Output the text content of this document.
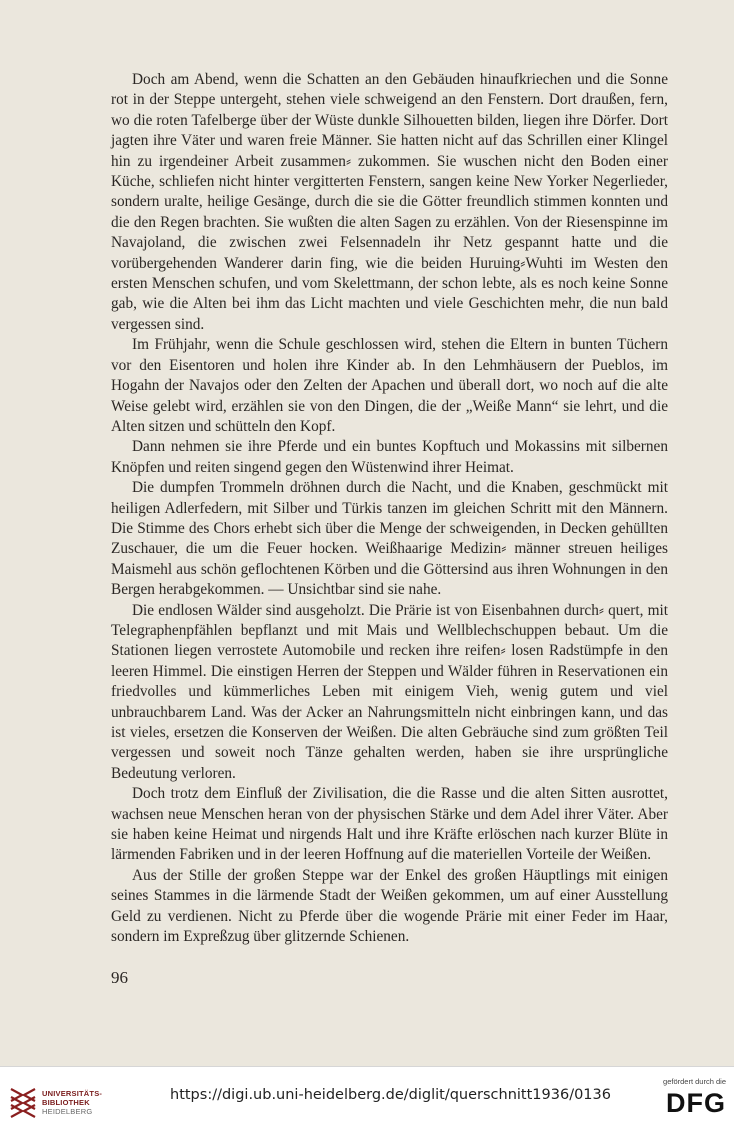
Doch am Abend, wenn die Schatten an den Gebäuden hinaufkriechen und die Sonne rot in der Steppe untergeht, stehen viele schweigend an den Fenstern. Dort draußen, fern, wo die roten Tafelberge über der Wüste dunkle Silhouetten bilden, liegen ihre Dörfer. Dort jagten ihre Väter und waren freie Männer. Sie hatten nicht auf das Schrillen einer Klingel hin zu irgendeiner Arbeit zusammen⸗ zukommen. Sie wuschen nicht den Boden einer Küche, schliefen nicht hinter vergitterten Fenstern, sangen keine New Yorker Negerlieder, sondern uralte, heilige Gesänge, durch die sie die Götter freundlich stimmen konnten und die den Regen brachten. Sie wußten die alten Sagen zu erzählen. Von der Riesenspinne im Navajoland, die zwischen zwei Felsennadeln ihr Netz gespannt hatte und die vorübergehenden Wanderer darin fing, wie die beiden Huruing⸗Wuhti im Westen den ersten Menschen schufen, und vom Skelettmann, der schon lebte, als es noch keine Sonne gab, wie die Alten bei ihm das Licht machten und viele Geschichten mehr, die nun bald vergessen sind.

Im Frühjahr, wenn die Schule geschlossen wird, stehen die Eltern in bunten Tüchern vor den Eisentoren und holen ihre Kinder ab. In den Lehmhäusern der Pueblos, im Hogahn der Navajos oder den Zelten der Apachen und überall dort, wo noch auf die alte Weise gelebt wird, erzählen sie von den Dingen, die der „Weiße Mann“ sie lehrt, und die Alten sitzen und schütteln den Kopf.

Dann nehmen sie ihre Pferde und ein buntes Kopftuch und Mokassins mit silbernen Knöpfen und reiten singend gegen den Wüstenwind ihrer Heimat.

Die dumpfen Trommeln dröhnen durch die Nacht, und die Knaben, geschmückt mit heiligen Adlerfedern, mit Silber und Türkis tanzen im gleichen Schritt mit den Männern. Die Stimme des Chors erhebt sich über die Menge der schweigenden, in Decken gehüllten Zuschauer, die um die Feuer hocken. Weißhaarige Medizin⸗ männer streuen heiliges Maismehl aus schön geflochtenen Körben und die Göttersind aus ihren Wohnungen in den Bergen herabgekommen. — Unsichtbar sind sie nahe.

Die endlosen Wälder sind ausgeholzt. Die Prärie ist von Eisenbahnen durch⸗ quert, mit Telegraphenpfählen bepflanzt und mit Mais und Wellblechschuppen bebaut. Um die Stationen liegen verrostete Automobile und recken ihre reifen⸗ losen Radstümpfe in den leeren Himmel. Die einstigen Herren der Steppen und Wälder führen in Reservationen ein friedvolles und kümmerliches Leben mit einigem Vieh, wenig gutem und viel unbrauchbarem Land. Was der Acker an Nahrungsmitteln nicht einbringen kann, und das ist vieles, ersetzen die Konserven der Weißen. Die alten Gebräuche sind zum größten Teil vergessen und soweit noch Tänze gehalten werden, haben sie ihre ursprüngliche Bedeutung verloren.

Doch trotz dem Einfluß der Zivilisation, die die Rasse und die alten Sitten ausrottet, wachsen neue Menschen heran von der physischen Stärke und dem Adel ihrer Väter. Aber sie haben keine Heimat und nirgends Halt und ihre Kräfte erlöschen nach kurzer Blüte in lärmenden Fabriken und in der leeren Hoffnung auf die materiellen Vorteile der Weißen.

Aus der Stille der großen Steppe war der Enkel des großen Häuptlings mit einigen seines Stammes in die lärmende Stadt der Weißen gekommen, um auf einer Ausstellung Geld zu verdienen. Nicht zu Pferde über die wogende Prärie mit einer Feder im Haar, sondern im Expreßzug über glitzernde Schienen.

96
UNIVERSITÄTS-
BIBLIOTHEK
HEIDELBERG
https://digi.ub.uni-heidelberg.de/diglit/querschnitt1936/0136
gefördert durch die
DFG
